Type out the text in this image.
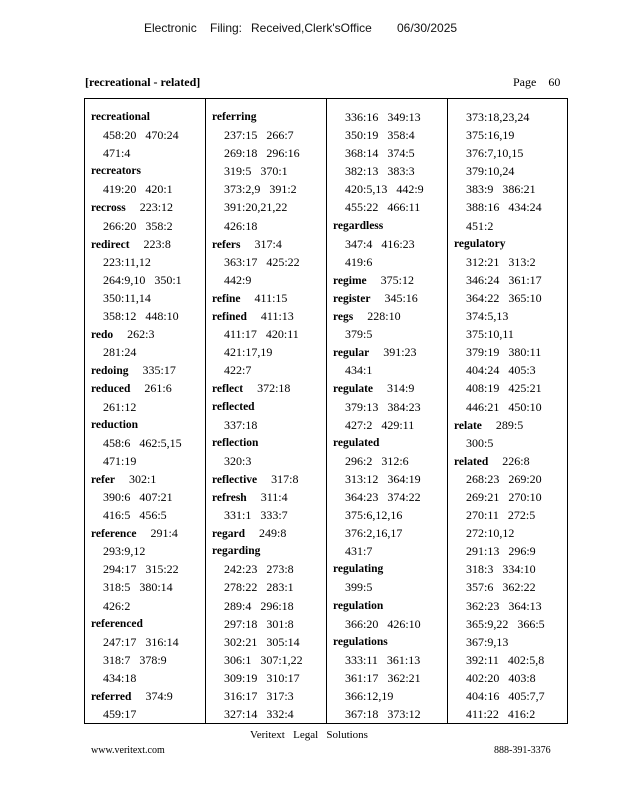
Electronic Filing: Received,Clerk'sOffice 06/30/2025
[recreational - related]	Page 60
recreational
458:20   470:24
471:4
recreators
419:20   420:1
recross 223:12
266:20   358:2
redirect 223:8
223:11,12
264:9,10   350:1
350:11,14
358:12   448:10
redo 262:3
281:24
redoing 335:17
reduced 261:6
261:12
reduction
458:6   462:5,15
471:19
refer 302:1
390:6   407:21
416:5   456:5
reference 291:4
293:9,12
294:17   315:22
318:5   380:14
426:2
referenced
247:17   316:14
318:7   378:9
434:18
referred 374:9
459:17
referring
237:15   266:7
269:18   296:16
319:5   370:1
373:2,9   391:2
391:20,21,22
426:18
refers 317:4
363:17   425:22
442:9
refine 411:15
refined 411:13
411:17   420:11
421:17,19
422:7
reflect 372:18
reflected
337:18
reflection
320:3
reflective 317:8
refresh 311:4
331:1   333:7
regard 249:8
regarding
242:23   273:8
278:22   283:1
289:4   296:18
297:18   301:8
302:21   305:14
306:1   307:1,22
309:19   310:17
316:17   317:3
327:14   332:4
336:16   349:13
350:19   358:4
368:14   374:5
382:13   383:3
420:5,13   442:9
455:22   466:11
regardless
347:4   416:23
419:6
regime 375:12
register 345:16
regs 228:10
379:5
regular 391:23
434:1
regulate 314:9
379:13   384:23
427:2   429:11
regulated
296:2   312:6
313:12   364:19
364:23   374:22
375:6,12,16
376:2,16,17
431:7
regulating
399:5
regulation
366:20   426:10
regulations
333:11   361:13
361:17   362:21
366:12,19
367:18   373:12
373:18,23,24
375:16,19
376:7,10,15
379:10,24
383:9   386:21
388:16   434:24
451:2
regulatory
312:21   313:2
346:24   361:17
364:22   365:10
374:5,13
375:10,11
379:19   380:11
404:24   405:3
408:19   425:21
446:21   450:10
relate 289:5
300:5
related 226:8
268:23   269:20
269:21   270:10
270:11   272:5
272:10,12
291:13   296:9
318:3   334:10
357:6   362:22
362:23   364:13
365:9,22   366:5
367:9,13
392:11   402:5,8
402:20   403:8
404:16   405:7,7
411:22   416:2
Veritext   Legal   Solutions
www.veritext.com	888-391-3376
